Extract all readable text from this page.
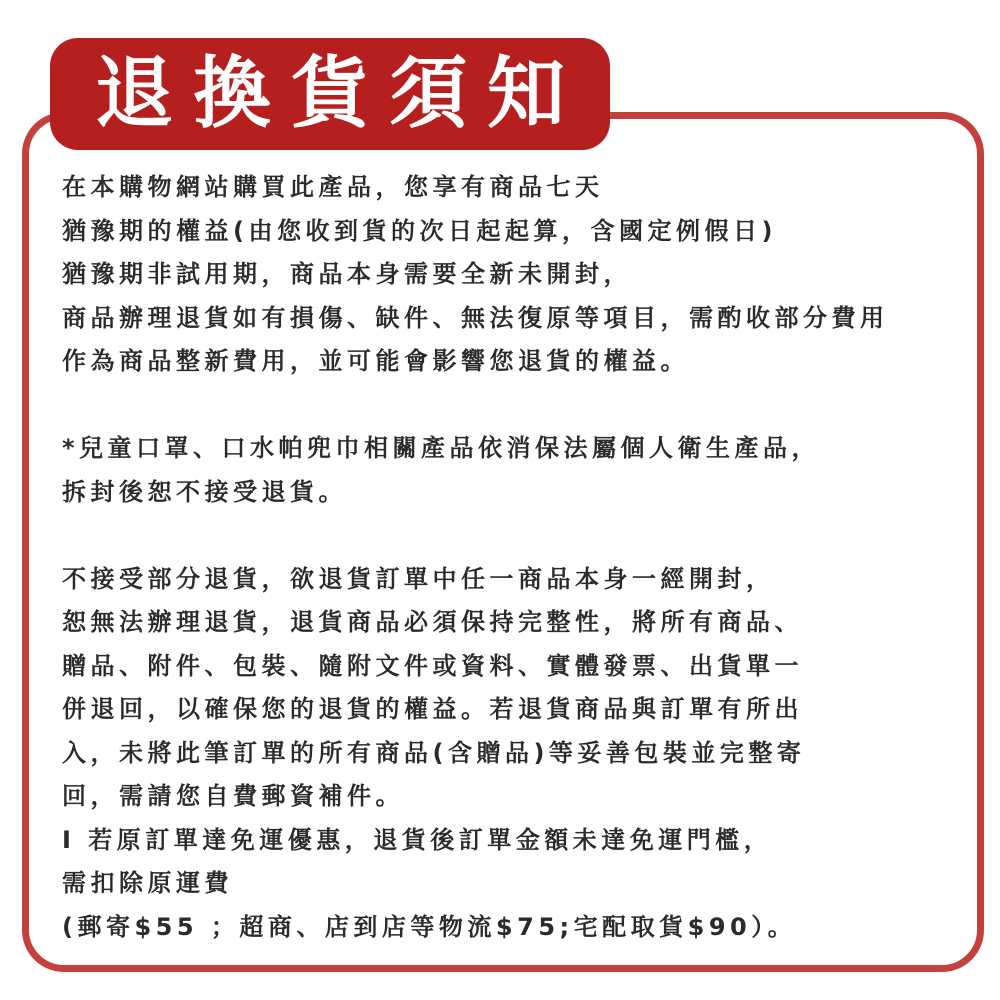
退換貨須知
在本購物網站購買此產品，您享有商品七天
猶豫期的權益(由您收到貨的次日起起算，含國定例假日)
猶豫期非試用期，商品本身需要全新未開封，
商品辦理退貨如有損傷、缺件、無法復原等項目，需酌收部分費用
作為商品整新費用，並可能會影響您退貨的權益。
*兒童口罩、口水帕兜巾相關產品依消保法屬個人衛生產品，
拆封後恕不接受退貨。
不接受部分退貨，欲退貨訂單中任一商品本身一經開封，
恕無法辦理退貨，退貨商品必須保持完整性，將所有商品、
贈品、附件、包裝、隨附文件或資料、實體發票、出貨單一
併退回，以確保您的退貨的權益。若退貨商品與訂單有所出
入，未將此筆訂單的所有商品(含贈品)等妥善包裝並完整寄
回，需請您自費郵資補件。
I 若原訂單達免運優惠，退貨後訂單金額未達免運門檻，
需扣除原運費
(郵寄$55 ；超商、店到店等物流$75;宅配取貨$90）。
